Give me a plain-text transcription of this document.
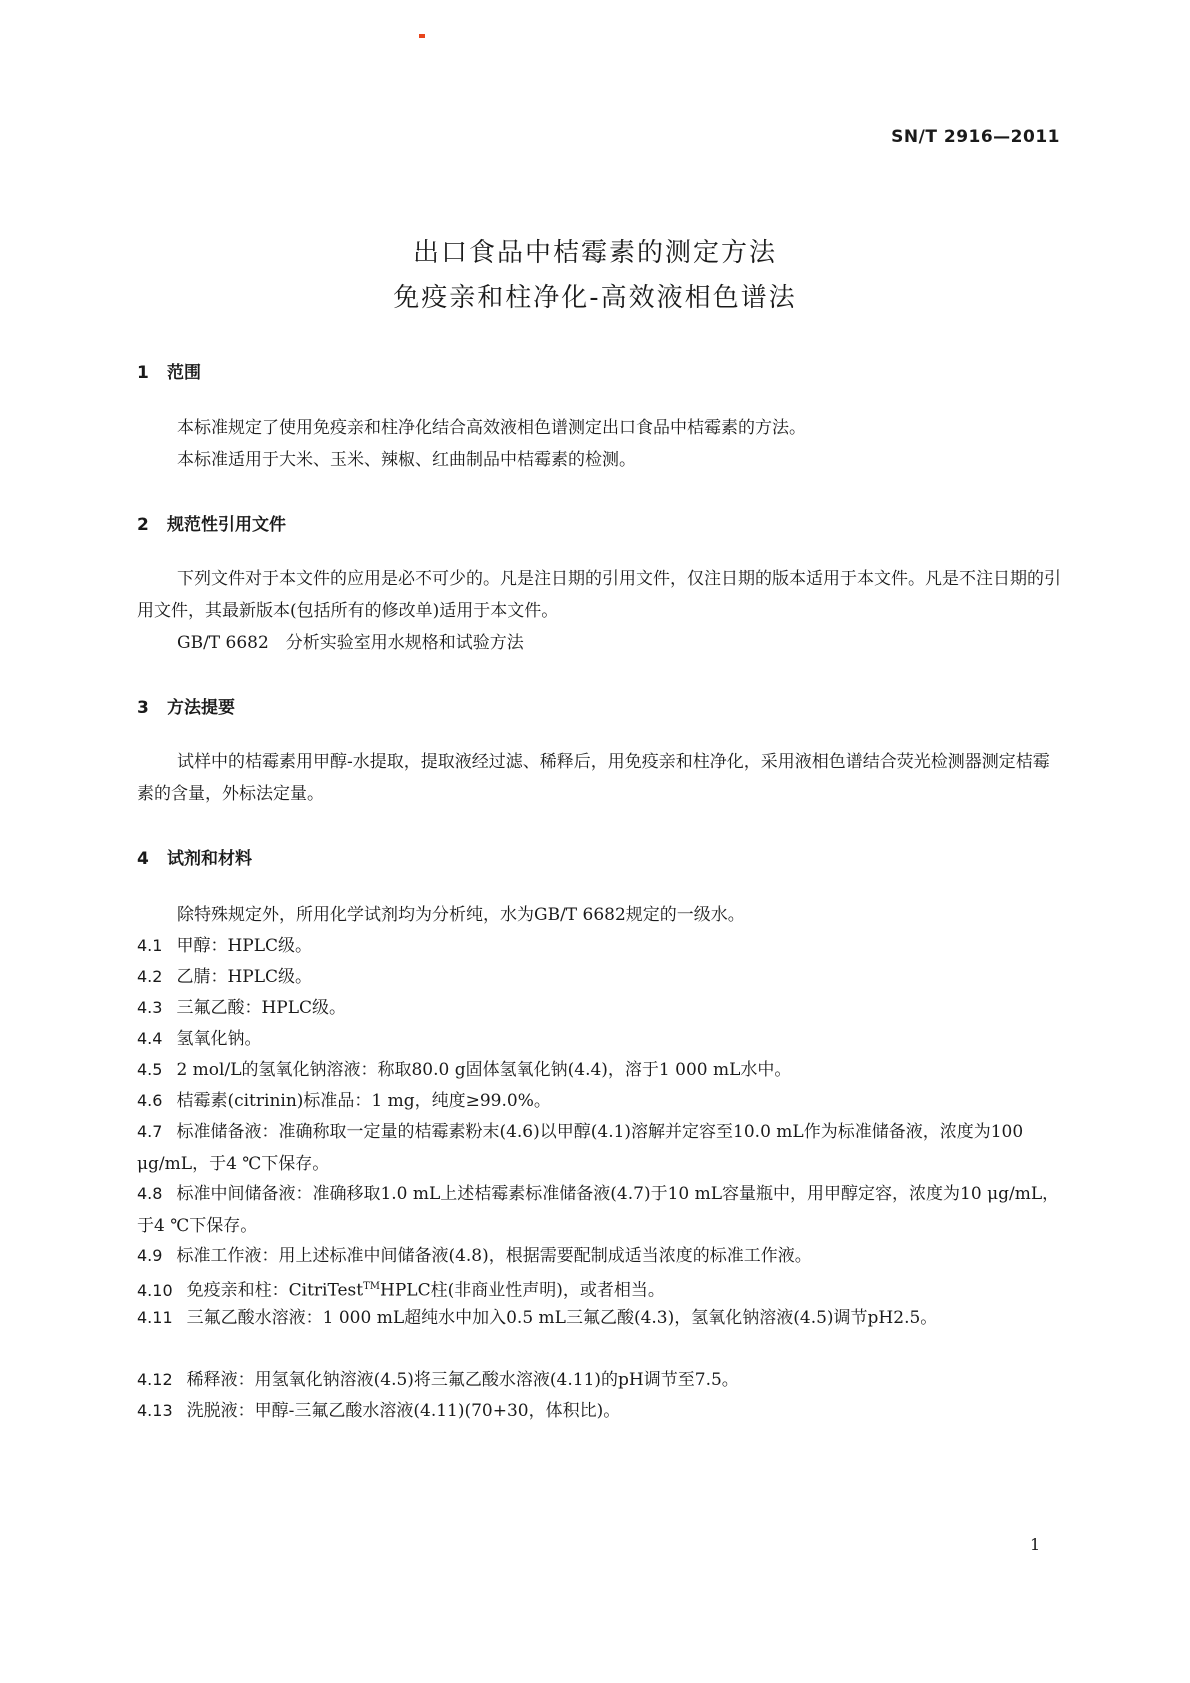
SN/T 2916—2011
出口食品中桔霉素的测定方法
免疫亲和柱净化-高效液相色谱法
1 范围
本标准规定了使用免疫亲和柱净化结合高效液相色谱测定出口食品中桔霉素的方法。
本标准适用于大米、玉米、辣椒、红曲制品中桔霉素的检测。
2 规范性引用文件
下列文件对于本文件的应用是必不可少的。凡是注日期的引用文件，仅注日期的版本适用于本文件。凡是不注日期的引用文件，其最新版本(包括所有的修改单)适用于本文件。
GB/T 6682　分析实验室用水规格和试验方法
3 方法提要
试样中的桔霉素用甲醇-水提取，提取液经过滤、稀释后，用免疫亲和柱净化，采用液相色谱结合荧光检测器测定桔霉素的含量，外标法定量。
4 试剂和材料
除特殊规定外，所用化学试剂均为分析纯，水为GB/T 6682规定的一级水。
4.1 甲醇：HPLC级。
4.2 乙腈：HPLC级。
4.3 三氟乙酸：HPLC级。
4.4 氢氧化钠。
4.5 2 mol/L的氢氧化钠溶液：称取80.0 g固体氢氧化钠(4.4)，溶于1 000 mL水中。
4.6 桔霉素(citrinin)标准品：1 mg，纯度≥99.0%。
4.7 标准储备液：准确称取一定量的桔霉素粉末(4.6)以甲醇(4.1)溶解并定容至10.0 mL作为标准储备液，浓度为100 μg/mL，于4 ℃下保存。
4.8 标准中间储备液：准确移取1.0 mL上述桔霉素标准储备液(4.7)于10 mL容量瓶中，用甲醇定容，浓度为10 μg/mL，于4 ℃下保存。
4.9 标准工作液：用上述标准中间储备液(4.8)，根据需要配制成适当浓度的标准工作液。
4.10 免疫亲和柱：CitriTest™HPLC柱(非商业性声明)，或者相当。
4.11 三氟乙酸水溶液：1 000 mL超纯水中加入0.5 mL三氟乙酸(4.3)，氢氧化钠溶液(4.5)调节pH2.5。
4.12 稀释液：用氢氧化钠溶液(4.5)将三氟乙酸水溶液(4.11)的pH调节至7.5。
4.13 洗脱液：甲醇-三氟乙酸水溶液(4.11)(70+30，体积比)。
1
